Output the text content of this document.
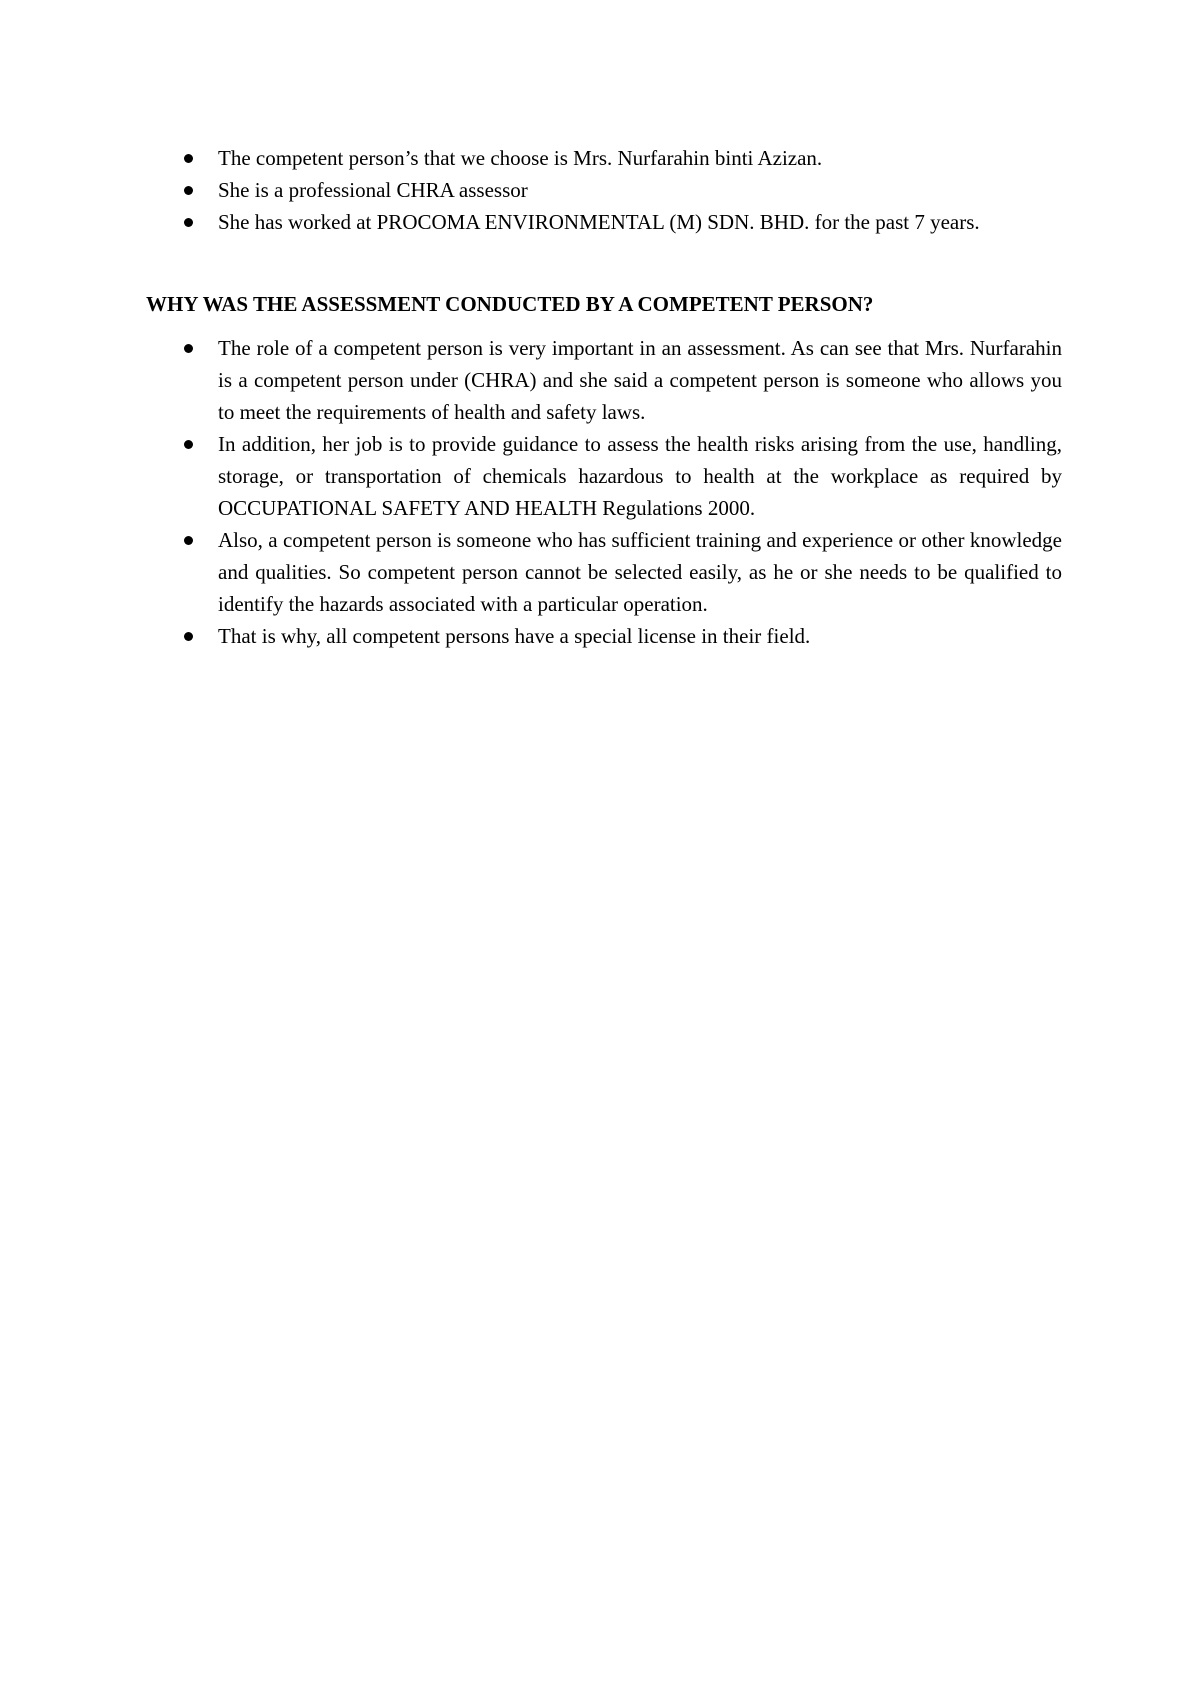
The competent person’s that we choose is Mrs. Nurfarahin binti Azizan.
She is a professional CHRA assessor
She has worked at PROCOMA ENVIRONMENTAL (M) SDN. BHD. for the past 7 years.
WHY WAS THE ASSESSMENT CONDUCTED BY A COMPETENT PERSON?
The role of a competent person is very important in an assessment. As can see that Mrs. Nurfarahin is a competent person under (CHRA) and she said a competent person is someone who allows you to meet the requirements of health and safety laws.
In addition, her job is to provide guidance to assess the health risks arising from the use, handling, storage, or transportation of chemicals hazardous to health at the workplace as required by OCCUPATIONAL SAFETY AND HEALTH Regulations 2000.
Also, a competent person is someone who has sufficient training and experience or other knowledge and qualities. So competent person cannot be selected easily, as he or she needs to be qualified to identify the hazards associated with a particular operation.
That is why, all competent persons have a special license in their field.
